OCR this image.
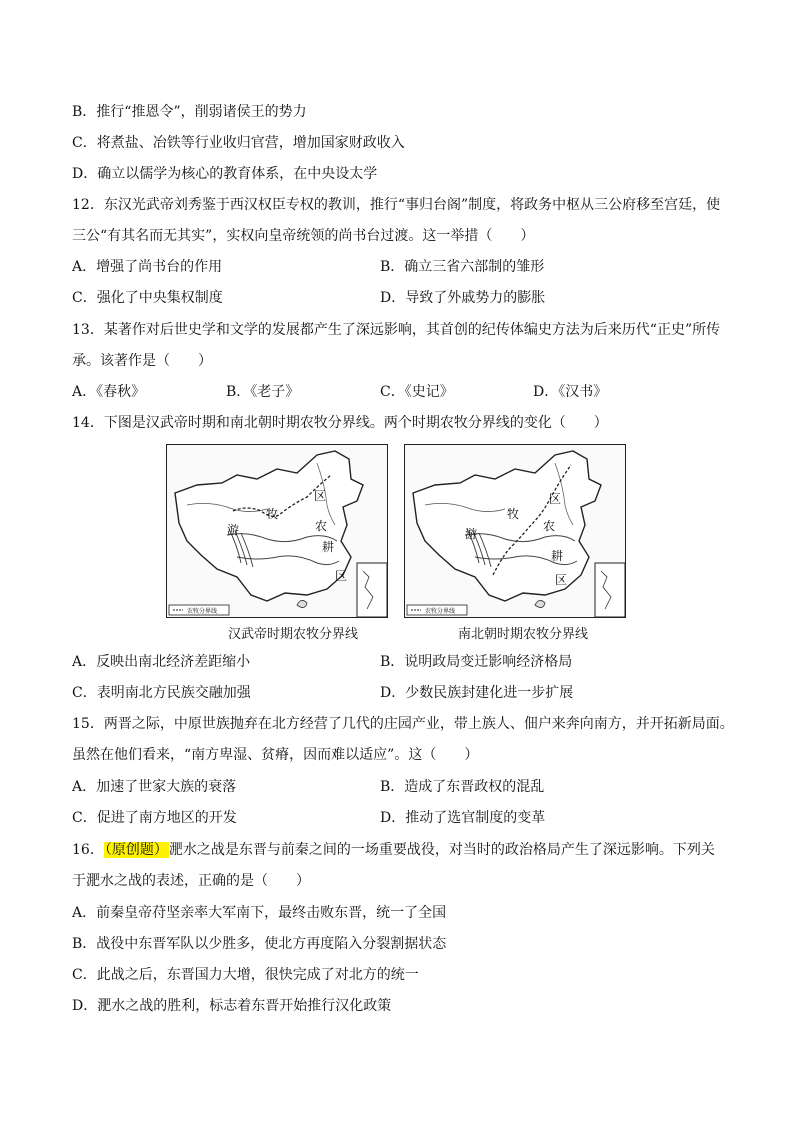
B．推行“推恩令”，削弱诸侯王的势力
C．将煮盐、冶铁等行业收归官营，增加国家财政收入
D．确立以儒学为核心的教育体系，在中央设太学
12．东汉光武帝刘秀鉴于西汉权臣专权的教训，推行“事归台阁”制度，将政务中枢从三公府移至宫廷，使
三公“有其名而无其实”，实权向皇帝统领的尚书台过渡。这一举措（　　）
A．增强了尚书台的作用	B．确立三省六部制的雏形
C．强化了中央集权制度	D．导致了外戚势力的膨胀
13．某著作对后世史学和文学的发展都产生了深远影响，其首创的纪传体编史方法为后来历代“正史”所传
承。该著作是（　　）
A．《春秋》	B．《老子》	C．《史记》	D．《汉书》
14．下图是汉武帝时期和南北朝时期农牧分界线。两个时期农牧分界线的变化（　　）
农牧分界线
游
牧
区
农
耕
区
农牧分界线
游
牧
区
农
耕
区
汉武帝时期农牧分界线	南北朝时期农牧分界线
A．反映出南北经济差距缩小	B．说明政局变迁影响经济格局
C．表明南北方民族交融加强	D．少数民族封建化进一步扩展
15．两晋之际，中原世族抛弃在北方经营了几代的庄园产业，带上族人、佃户来奔向南方，并开拓新局面。
虽然在他们看来，“南方卑湿、贫瘠，因而难以适应”。这（　　）
A．加速了世家大族的衰落	B．造成了东晋政权的混乱
C．促进了南方地区的开发	D．推动了选官制度的变革
16．（原创题）淝水之战是东晋与前秦之间的一场重要战役，对当时的政治格局产生了深远影响。下列关
于淝水之战的表述，正确的是（　　）
A．前秦皇帝苻坚亲率大军南下，最终击败东晋，统一了全国
B．战役中东晋军队以少胜多，使北方再度陷入分裂割据状态
C．此战之后，东晋国力大增，很快完成了对北方的统一
D．淝水之战的胜利，标志着东晋开始推行汉化政策
